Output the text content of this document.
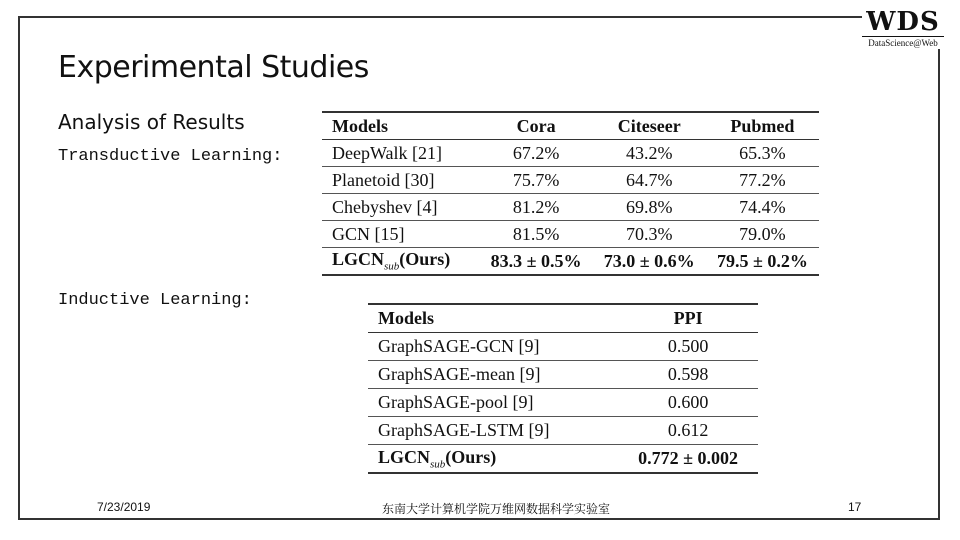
WDS
DataScience@Web
Experimental Studies
Analysis of Results
Transductive Learning:
Inductive Learning:
Models	Cora	Citeseer	Pubmed
DeepWalk [21]	67.2%	43.2%	65.3%
Planetoid [30]	75.7%	64.7%	77.2%
Chebyshev [4]	81.2%	69.8%	74.4%
GCN [15]	81.5%	70.3%	79.0%
$LGCN_{sub}(Ours)$	83.3 ± 0.5%	73.0 ± 0.6%	79.5 ± 0.2%
Models	PPI
GraphSAGE-GCN [9]	0.500
GraphSAGE-mean [9]	0.598
GraphSAGE-pool [9]	0.600
GraphSAGE-LSTM [9]	0.612
$LGCN_{sub}(Ours)$	0.772 ± 0.002
7/23/2019	东南大学计算机学院万维网数据科学实验室	17
